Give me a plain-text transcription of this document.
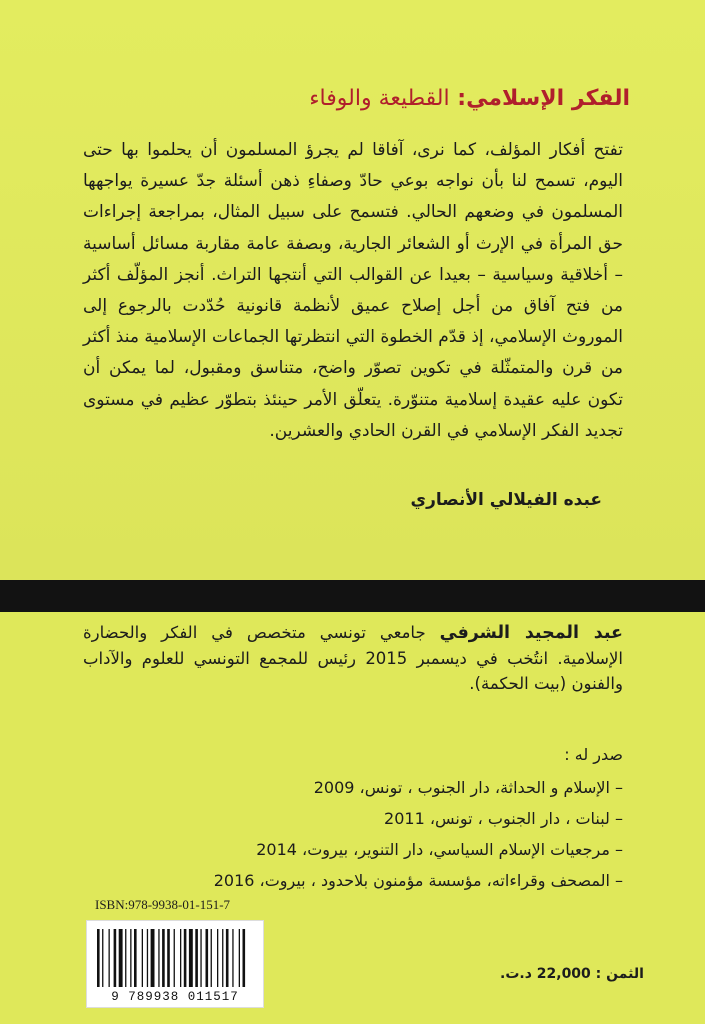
الفكر الإسلامي: القطيعة والوفاء

تفتح أفكار المؤلف، كما نرى، آفاقا لم يجرؤ المسلمون أن يحلموا بها حتى اليوم، تسمح لنا بأن نواجه بوعي حادّ وصفاءِ ذهن أسئلة جدّ عسيرة يواجهها المسلمون في وضعهم الحالي. فتسمح على سبيل المثال، بمراجعة إجراءات حق المرأة في الإرث أو الشعائر الجارية، وبصفة عامة مقاربة مسائل أساسية – أخلاقية وسياسية – بعيدا عن القوالب التي أنتجها التراث. أنجز المؤلّف أكثر من فتح آفاق من أجل إصلاح عميق لأنظمة قانونية حُدّدت بالرجوع إلى الموروث الإسلامي، إذ قدّم الخطوة التي انتظرتها الجماعات الإسلامية منذ أكثر من قرن والمتمثّلة في تكوين تصوّر واضح، متناسق ومقبول، لما يمكن أن تكون عليه عقيدة إسلامية متنوّرة. يتعلّق الأمر حينئذ بتطوّر عظيم في مستوى تجديد الفكر الإسلامي في القرن الحادي والعشرين.

عبده الفيلالي الأنصاري

عبد المجيد الشرفي جامعي تونسي متخصص في الفكر والحضارة الإسلامية. انتُخب في ديسمبر 2015 رئيس للمجمع التونسي للعلوم والآداب والفنون (بيت الحكمة).

صدر له :
– الإسلام و الحداثة، دار الجنوب ، تونس، 2009
– لبنات ، دار الجنوب ، تونس، 2011
– مرجعيات الإسلام السياسي، دار التنوير، بيروت، 2014
– المصحف وقراءاته، مؤسسة مؤمنون بلاحدود ، بيروت، 2016
ISBN:978-9938-01-151-7
9 789938 011517
الثمن : 22,000 د.ت.
